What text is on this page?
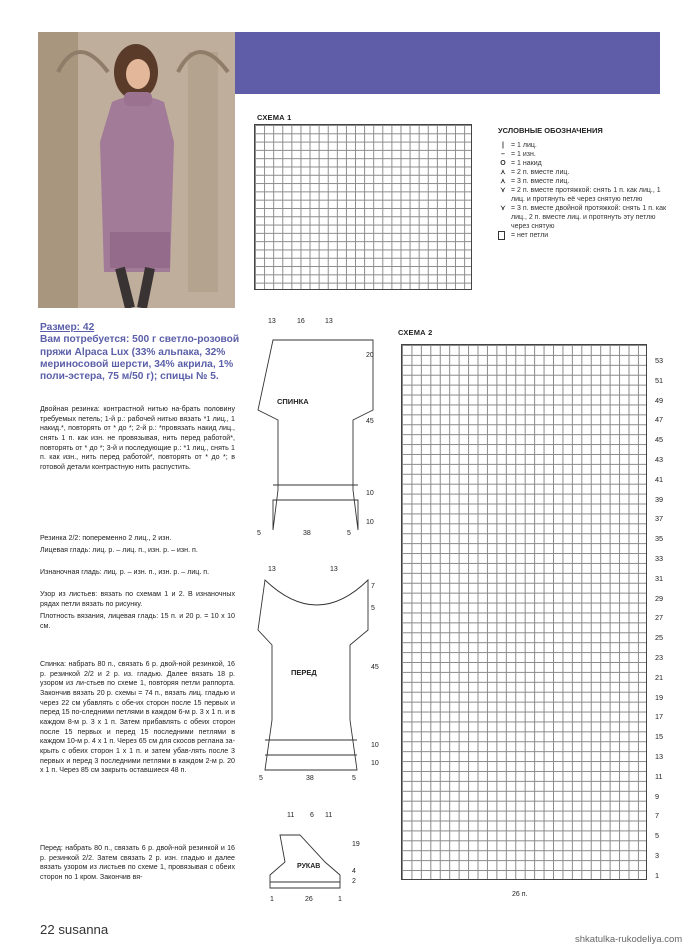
СХЕМА 1
УСЛОВНЫЕ ОБОЗНАЧЕНИЯ
|	= 1 лиц.
– = 1 изн.
O = 1 накид
⋏ = 2 п. вместе лиц.
⋏ = 3 п. вместе лиц.
⋎ = 2 п. вместе протяжкой: снять 1 п. как лиц., 1 лиц. и протянуть её через снятую петлю
⋎ = 3 п. вместе двойной протяжкой: снять 1 п. как лиц., 2 п. вместе лиц. и протянуть эту петлю через снятую
= нет петли
СХЕМА 2
26 п.
53
51
49
47
45
43
41
39
37
35
33
31
29
27
25
23
21
19
17
15
13
11
9
7
5
3
1
Размер: 42
Вам потребуется: 500 г светло-розовой пряжи Alpaca Lux (33% альпака, 32% мериносовой шерсти, 34% акрила, 1% поли-эстера, 75 м/50 г); спицы № 5.
Двойная резинка: контрастной нитью на-брать половину требуемых петель; 1-й р.: рабочей нитью вязать *1 лиц., 1 накид.*, повторять от * до *; 2-й р.: *провязать накид лиц., снять 1 п. как изн. не провязывая, нить перед работой*, повторять от * до *; 3-й и последующие р.: *1 лиц., снять 1 п. как изн., нить перед работой*, повторять от * до *; в готовой детали контрастную нить распустить.
Резинка 2/2: попеременно 2 лиц., 2 изн.
Лицевая гладь: лиц. р. – лиц. п., изн. р. – изн. п.
Изнаночная гладь: лиц. р. – изн. п., изн. р. – лиц. п.
Узор из листьев: вязать по схемам 1 и 2. В изнаночных рядах петли вязать по рисунку.
Плотность вязания, лицевая гладь: 15 п. и 20 р. = 10 x 10 см.
Спинка: набрать 80 п., связать 6 р. двой-ной резинкой, 16 р. резинкой 2/2 и 2 р. из. гладью. Далее вязать 18 р. узором из ли-стьев по схеме 1, повторяя петли раппорта. Закончив вязать 20 р. схемы = 74 п., вязать лиц. гладью и через 22 см убавлять с обе-их сторон после 15 первых и перед 15 по-следними петлями в каждом 6-м р. 3 x 1 п. и в каждом 8-м р. 3 x 1 п. Затем прибавлять с обеих сторон после 15 первых и перед 15 последними петлями в каждом 10-м р. 4 x 1 п. Через 65 см для скосов реглана за-крыть с обеих сторон 1 x 1 п. и затем убав-лять после 3 первых и перед 3 последними петлями в каждом 2-м р. 20 x 1 п. Через 85 см закрыть оставшиеся 48 п.
Перед: набрать 80 п., связать 6 р. двой-ной резинкой и 16 р. резинкой 2/2. Затем связать 2 р. изн. гладью и далее вязать узором из листьев по схеме 1, провязывая с обеих сторон по 1 кром. Закончив вя-
СПИНКА
ПЕРЕД
РУКАВ
13	16	13
20
45
10
10
5	38	5
13	13
7
5
45
10
10
5	38	5
11 6 11
19
4
2
1	26	1
22 susanna
shkatulka-rukodeliya.com
